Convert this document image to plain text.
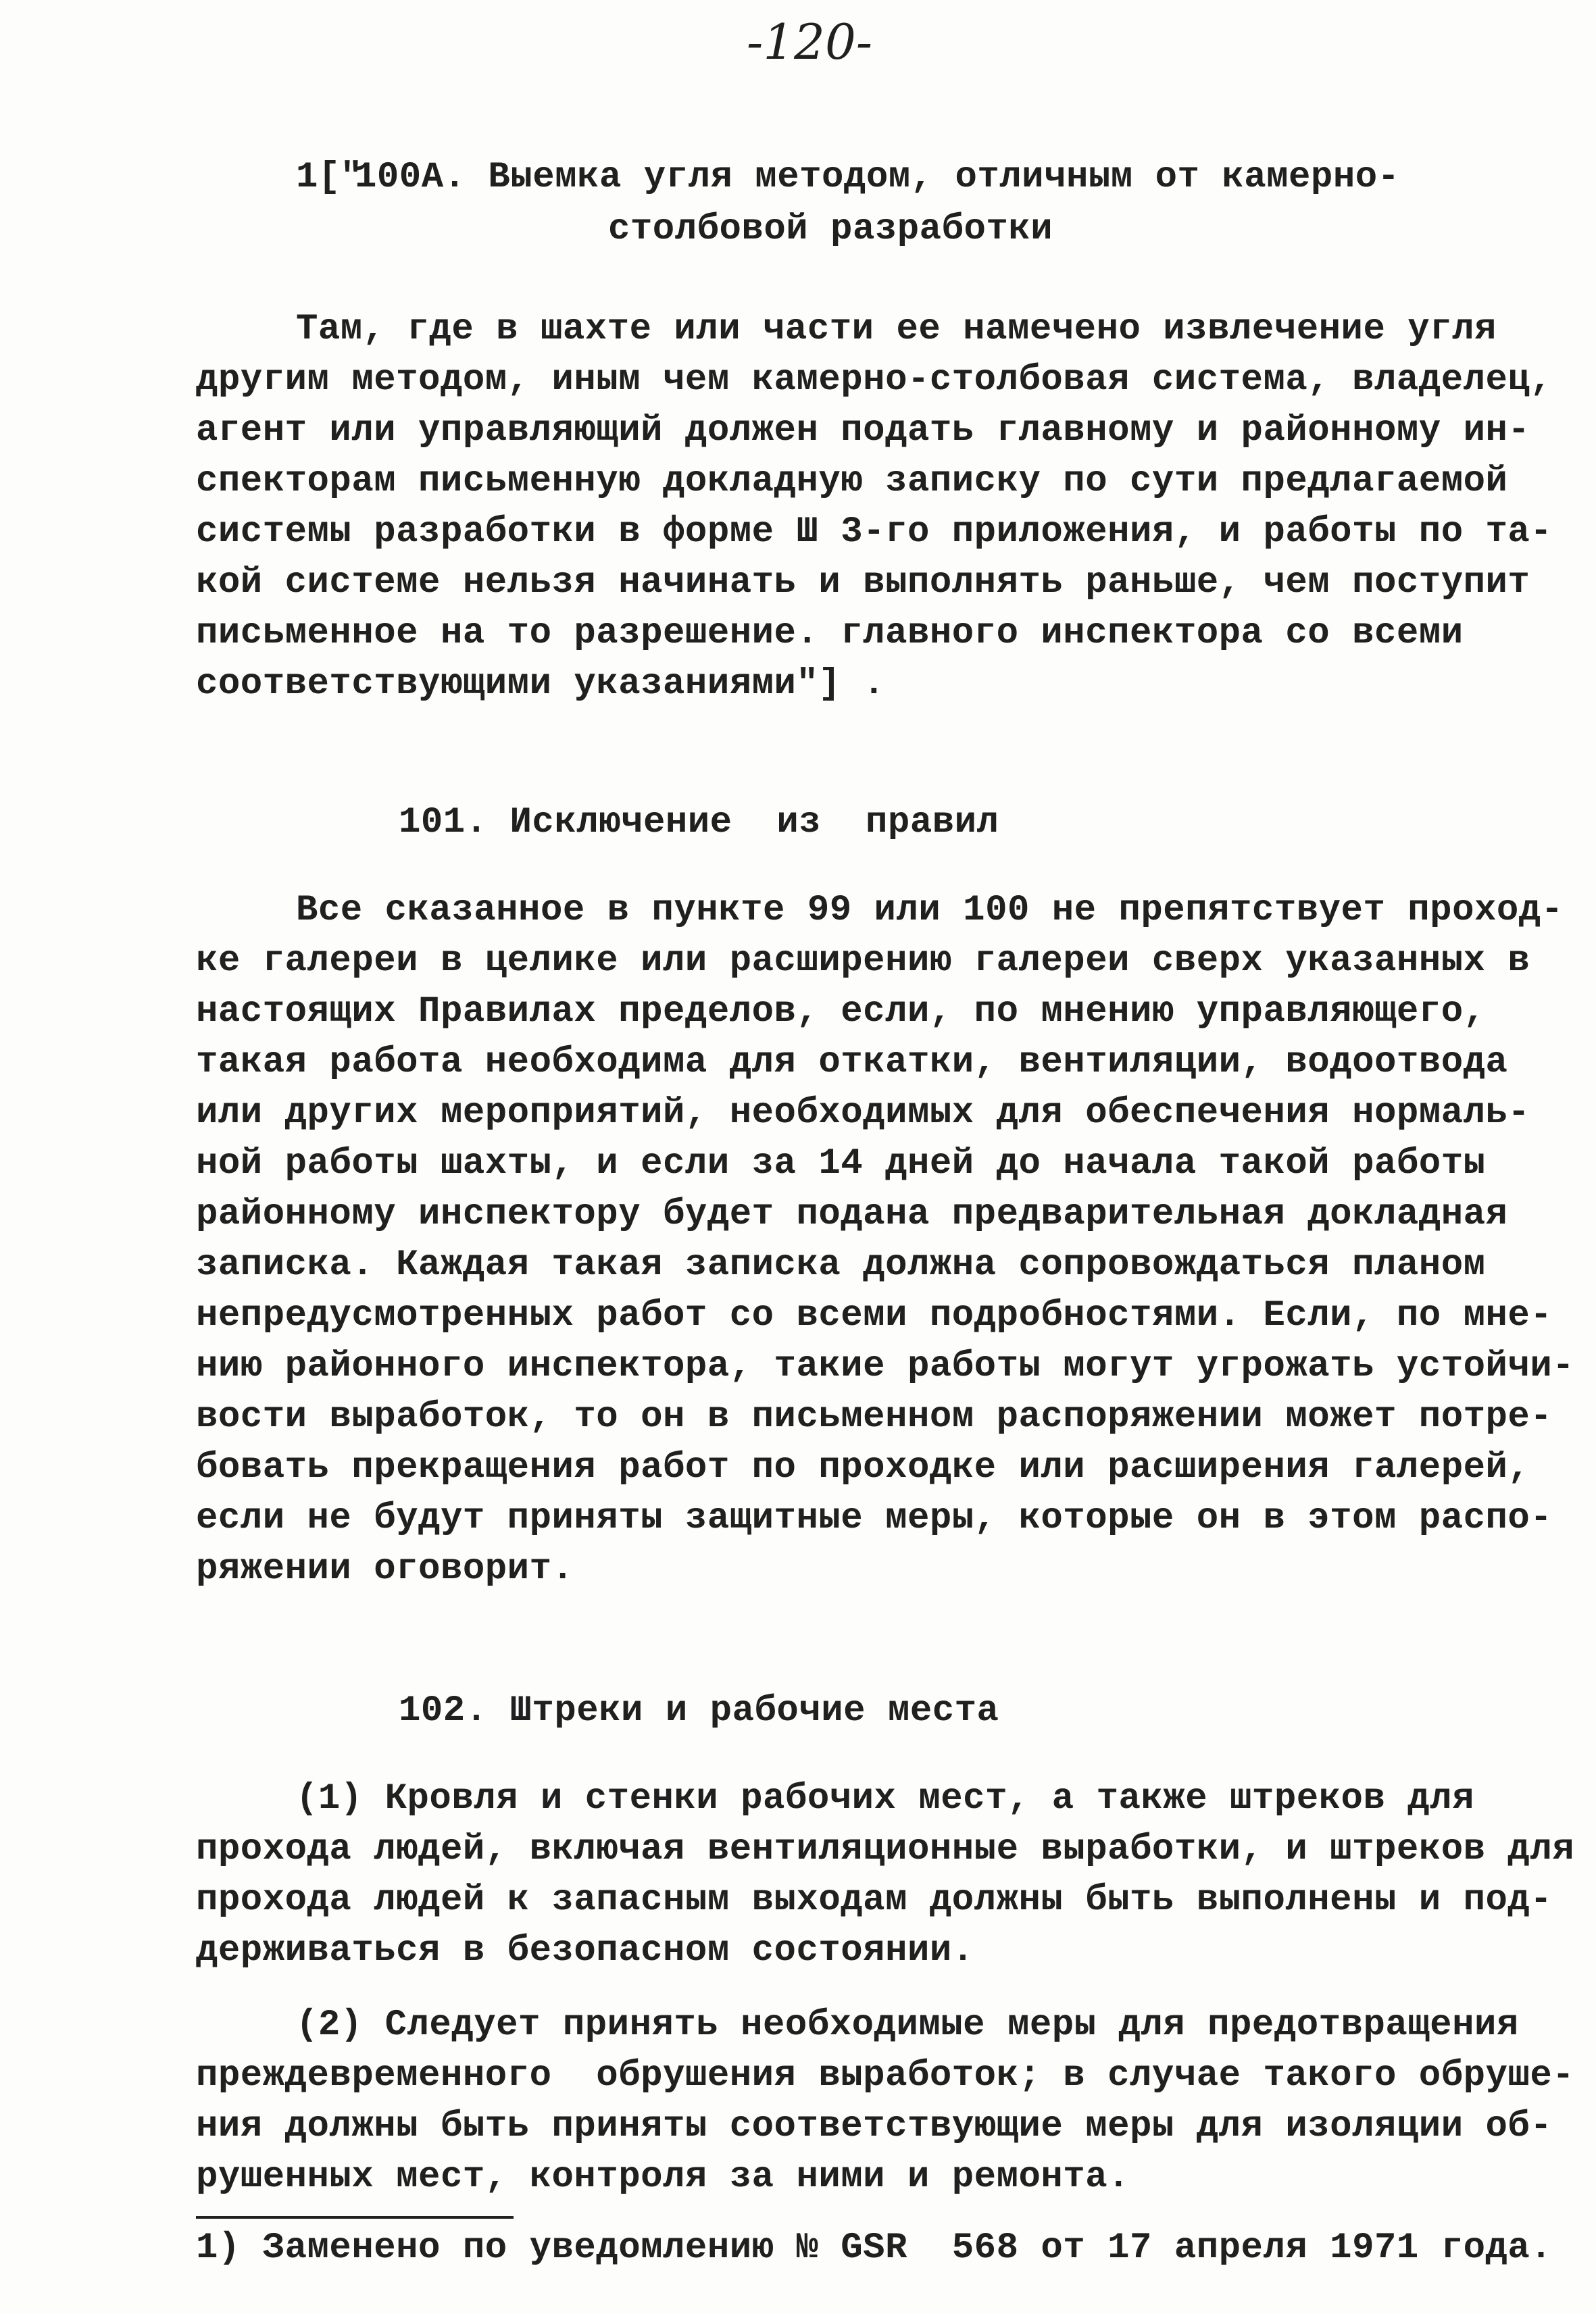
-120-
1["
100А. Выемка угля методом, отличным от камерно-
столбовой разработки
Там, где в шахте или части ее намечено извлечение угля
другим методом, иным чем камерно-столбовая система, владелец,
агент или управляющий должен подать главному и районному ин-
спекторам письменную докладную записку по сути предлагаемой
системы разработки в форме Ш 3-го приложения, и работы по та-
кой системе нельзя начинать и выполнять раньше, чем поступит
письменное на то разрешение. главного инспектора со всеми
соответствующими указаниями"] .
101. Исключение  из  правил
Все сказанное в пункте 99 или 100 не препятствует проход-
ке галереи в целике или расширению галереи сверх указанных в
настоящих Правилах пределов, если, по мнению управляющего,
такая работа необходима для откатки, вентиляции, водоотвода
или других мероприятий, необходимых для обеспечения нормаль-
ной работы шахты, и если за 14 дней до начала такой работы
районному инспектору будет подана предварительная докладная
записка. Каждая такая записка должна сопровождаться планом
непредусмотренных работ со всеми подробностями. Если, по мне-
нию районного инспектора, такие работы могут угрожать устойчи-
вости выработок, то он в письменном распоряжении может потре-
бовать прекращения работ по проходке или расширения галерей,
если не будут приняты защитные меры, которые он в этом распо-
ряжении оговорит.
102. Штреки и рабочие места
(1) Кровля и стенки рабочих мест, а также штреков для
прохода людей, включая вентиляционные выработки, и штреков для
прохода людей к запасным выходам должны быть выполнены и под-
держиваться в безопасном состоянии.
(2) Следует принять необходимые меры для предотвращения
преждевременного  обрушения выработок; в случае такого обруше-
ния должны быть приняты соответствующие меры для изоляции об-
рушенных мест, контроля за ними и ремонта.
1) Заменено по уведомлению № GSR  568 от 17 апреля 1971 года.
